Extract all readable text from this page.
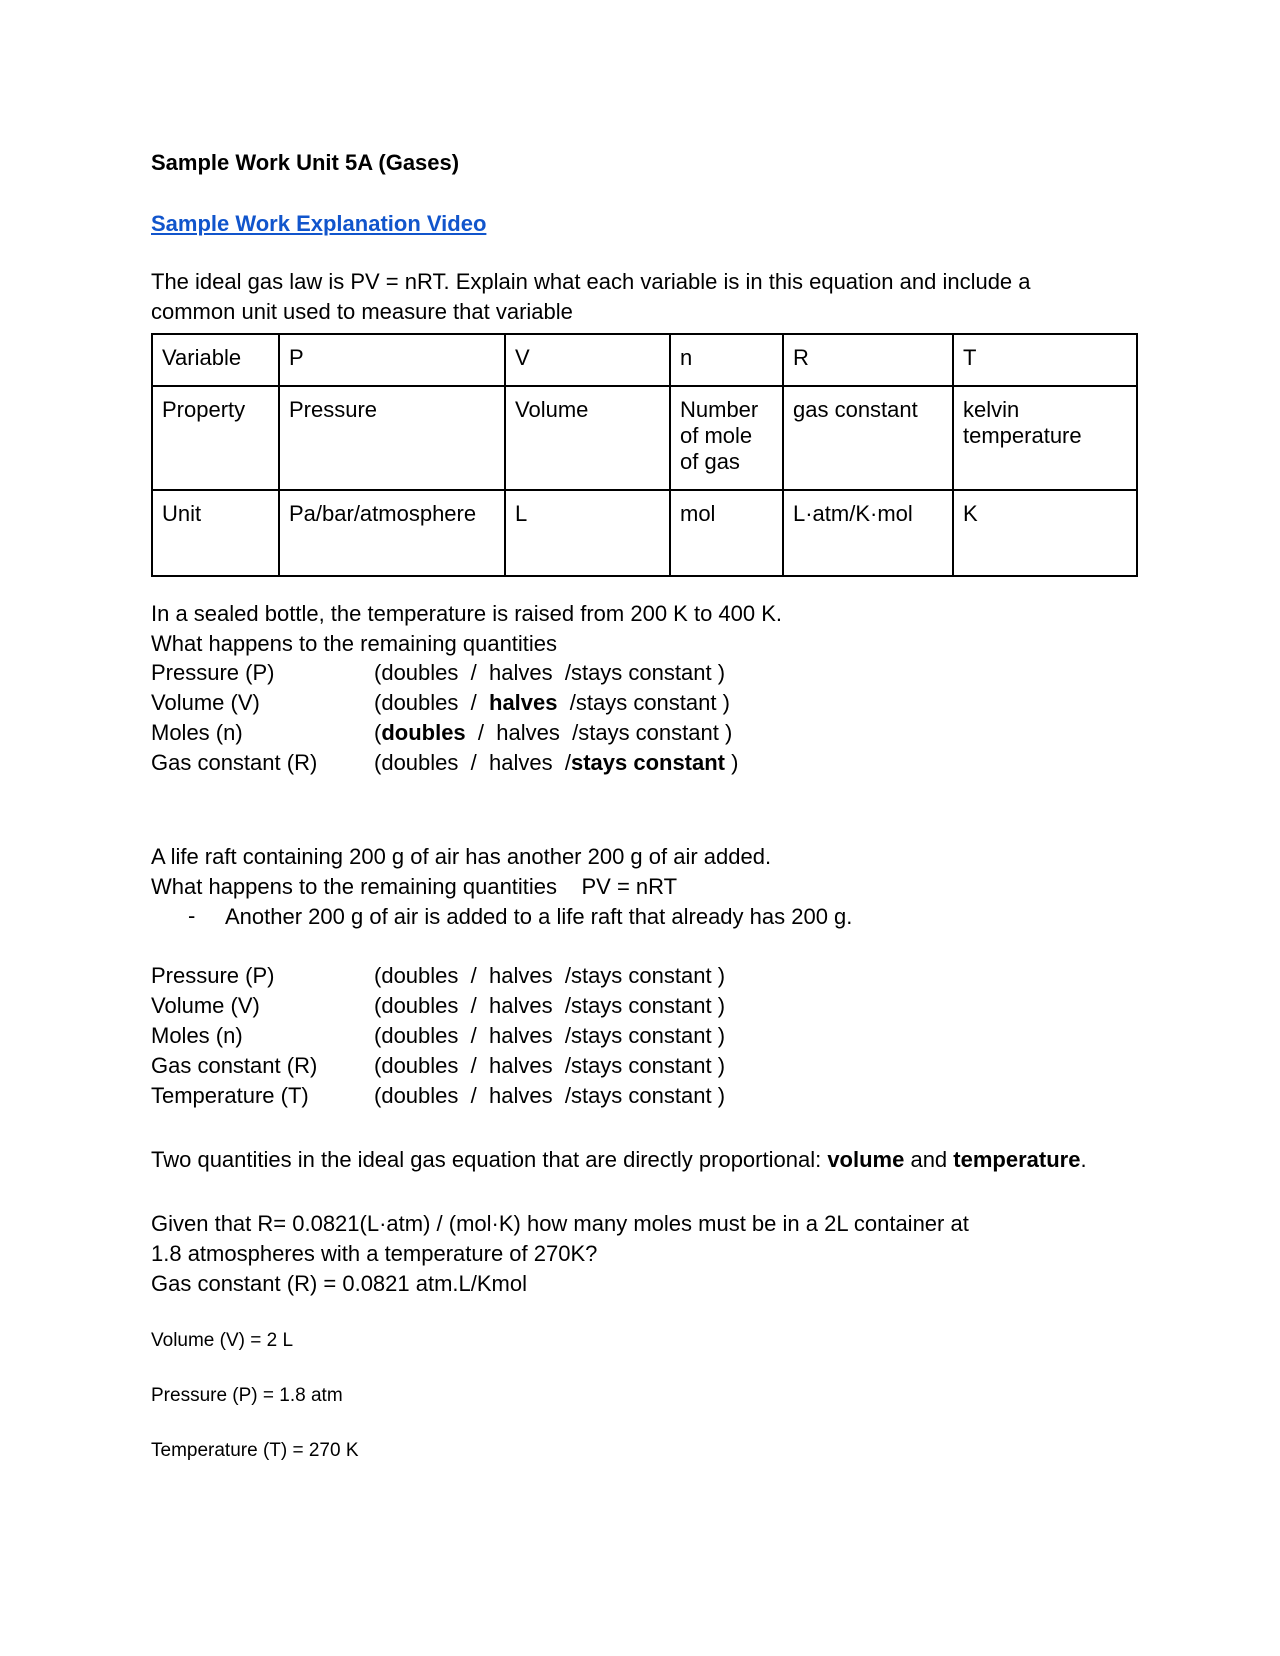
Sample Work Unit 5A (Gases)
Sample Work Explanation Video
The ideal gas law is PV = nRT. Explain what each variable is in this equation and include a
common unit used to measure that variable
Variable	P	V	n	R	T
Property	Pressure	Volume	Number of mole of gas	gas constant	kelvin temperature
Unit	Pa/bar/atmosphere	L	mol	L·atm/K·mol	K
In a sealed bottle, the temperature is raised from 200 K to 400 K.
What happens to the remaining quantities
Pressure (P)	(doubles / halves /stays constant )
Volume (V)	(doubles / halves /stays constant )
Moles (n)	(doubles / halves /stays constant )
Gas constant (R)	(doubles / halves /stays constant )
A life raft containing 200 g of air has another 200 g of air added.
What happens to the remaining quantities    PV = nRT
- Another 200 g of air is added to a life raft that already has 200 g.
Pressure (P)	(doubles / halves /stays constant )
Volume (V)	(doubles / halves /stays constant )
Moles (n)	(doubles / halves /stays constant )
Gas constant (R)	(doubles / halves /stays constant )
Temperature (T)	(doubles / halves /stays constant )
Two quantities in the ideal gas equation that are directly proportional: volume and temperature.
Given that R= 0.0821(L·atm) / (mol·K) how many moles must be in a 2L container at
1.8 atmospheres with a temperature of 270K?
Gas constant (R) = 0.0821 atm.L/Kmol
Volume (V) = 2 L
Pressure (P) = 1.8 atm
Temperature (T) = 270 K
